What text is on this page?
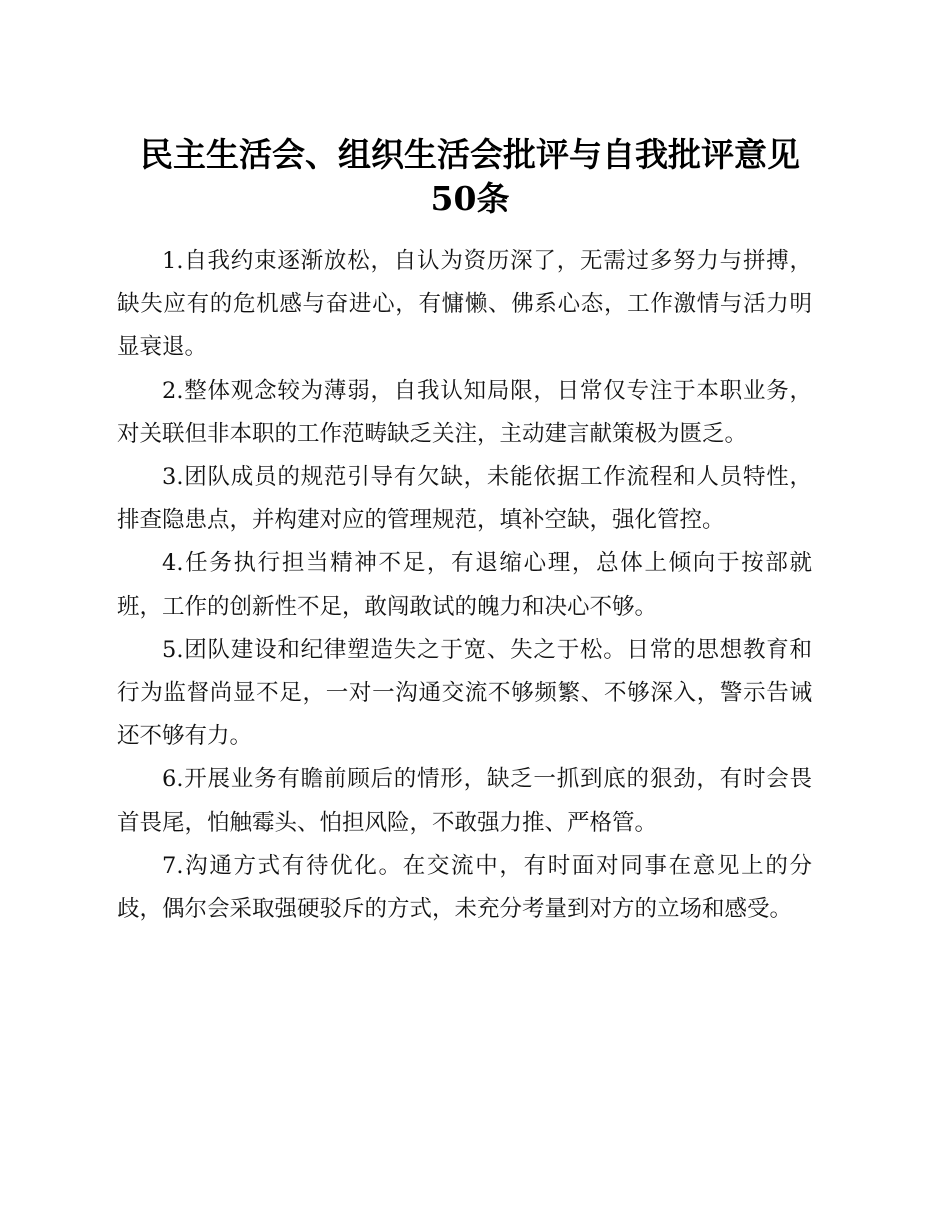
民主生活会、组织生活会批评与自我批评意见
50条

1.自我约束逐渐放松，自认为资历深了，无需过多努力与拼搏，缺失应有的危机感与奋进心，有慵懒、佛系心态，工作激情与活力明显衰退。

2.整体观念较为薄弱，自我认知局限，日常仅专注于本职业务，对关联但非本职的工作范畴缺乏关注，主动建言献策极为匮乏。

3.团队成员的规范引导有欠缺，未能依据工作流程和人员特性，排查隐患点，并构建对应的管理规范，填补空缺，强化管控。

4.任务执行担当精神不足，有退缩心理，总体上倾向于按部就班，工作的创新性不足，敢闯敢试的魄力和决心不够。

5.团队建设和纪律塑造失之于宽、失之于松。日常的思想教育和行为监督尚显不足，一对一沟通交流不够频繁、不够深入，警示告诫还不够有力。

6.开展业务有瞻前顾后的情形，缺乏一抓到底的狠劲，有时会畏首畏尾，怕触霉头、怕担风险，不敢强力推、严格管。

7.沟通方式有待优化。在交流中，有时面对同事在意见上的分歧，偶尔会采取强硬驳斥的方式，未充分考量到对方的立场和感受。
